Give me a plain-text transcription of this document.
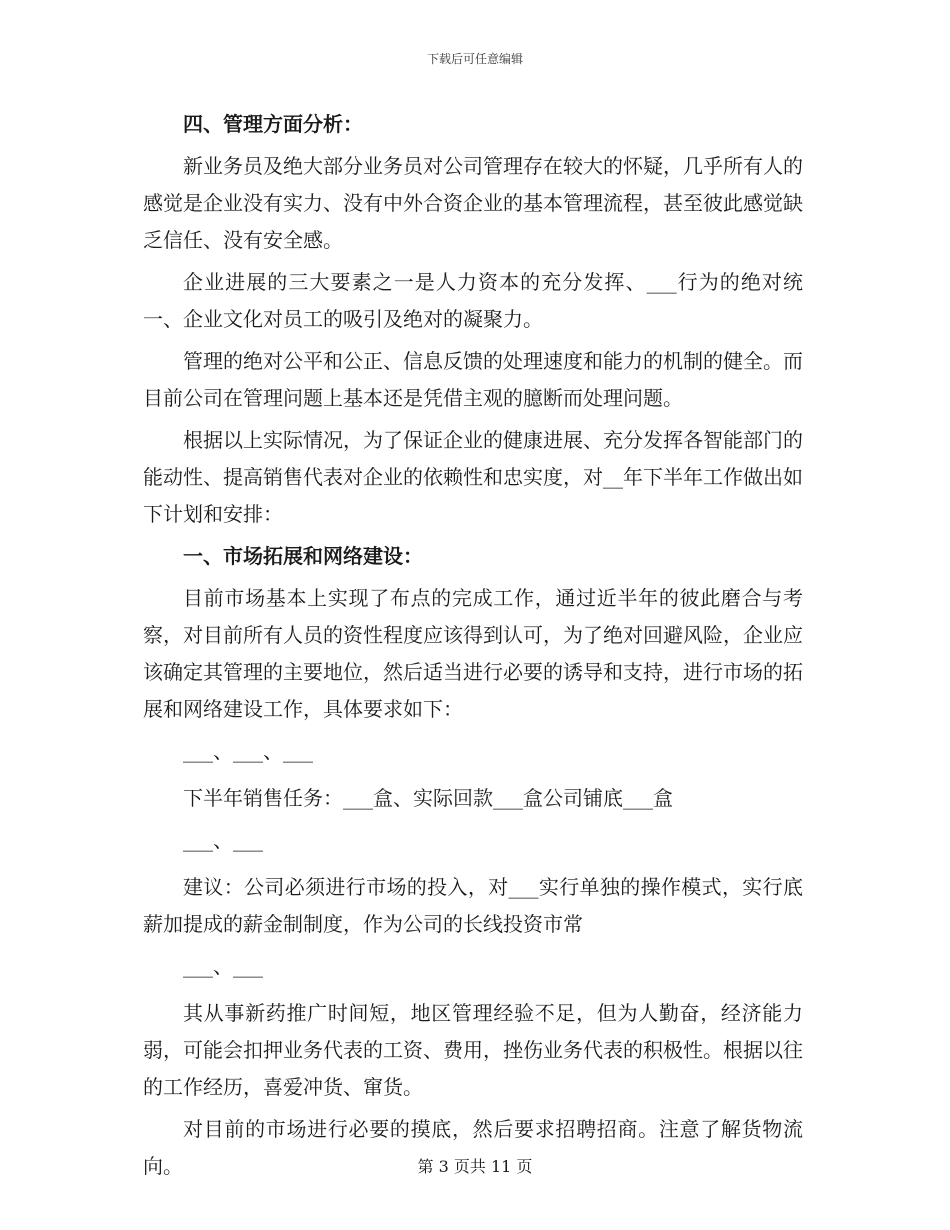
下载后可任意编辑

四、管理方面分析：

新业务员及绝大部分业务员对公司管理存在较大的怀疑，几乎所有人的感觉是企业没有实力、没有中外合资企业的基本管理流程，甚至彼此感觉缺乏信任、没有安全感。

企业进展的三大要素之一是人力资本的充分发挥、___行为的绝对统一、企业文化对员工的吸引及绝对的凝聚力。

管理的绝对公平和公正、信息反馈的处理速度和能力的机制的健全。而目前公司在管理问题上基本还是凭借主观的臆断而处理问题。

根据以上实际情况，为了保证企业的健康进展、充分发挥各智能部门的能动性、提高销售代表对企业的依赖性和忠实度，对__年下半年工作做出如下计划和安排：

一、市场拓展和网络建设：

目前市场基本上实现了布点的完成工作，通过近半年的彼此磨合与考察，对目前所有人员的资性程度应该得到认可，为了绝对回避风险，企业应该确定其管理的主要地位，然后适当进行必要的诱导和支持，进行市场的拓展和网络建设工作，具体要求如下：

___、___、___

下半年销售任务：___盒、实际回款___盒公司铺底___盒

___、___

建议：公司必须进行市场的投入，对___实行单独的操作模式，实行底薪加提成的薪金制制度，作为公司的长线投资市常

___、___

其从事新药推广时间短，地区管理经验不足，但为人勤奋，经济能力弱，可能会扣押业务代表的工资、费用，挫伤业务代表的积极性。根据以往的工作经历，喜爱冲货、窜货。

对目前的市场进行必要的摸底，然后要求招聘招商。注意了解货物流向。	第 3 页共 11 页
